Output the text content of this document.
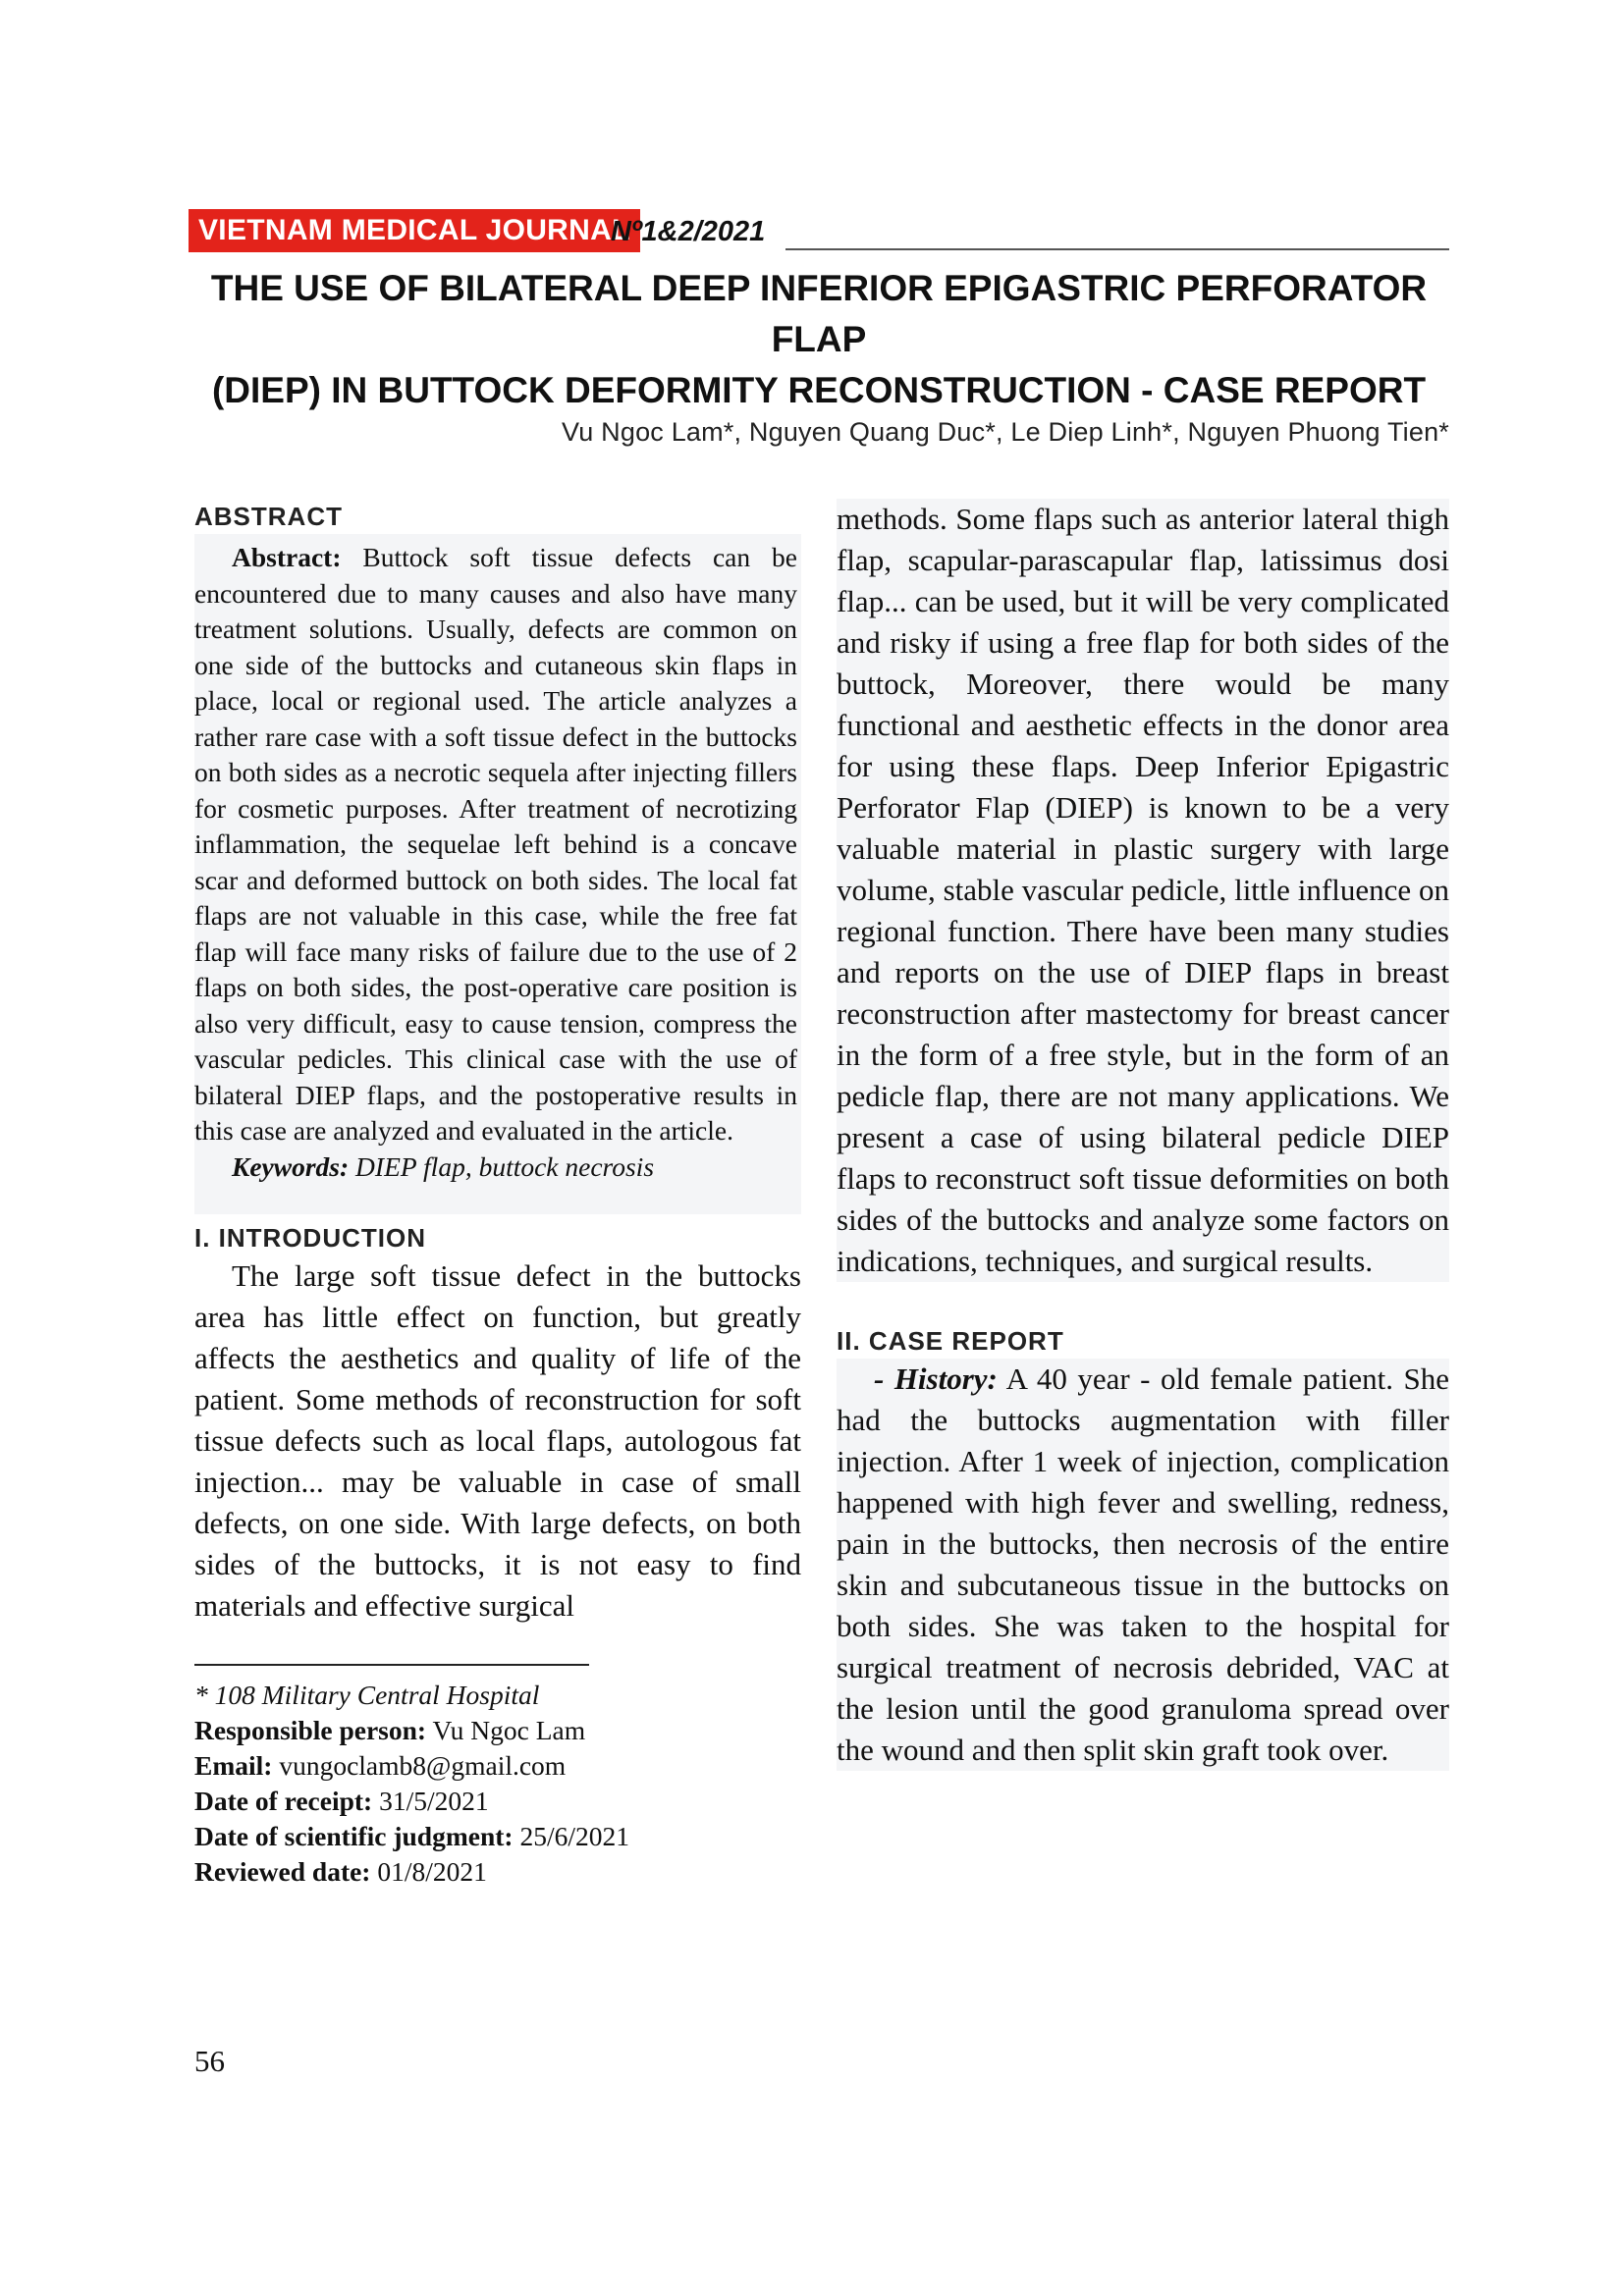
VIETNAM MEDICAL JOURNAL
Nº1&2/2021
THE USE OF BILATERAL DEEP INFERIOR EPIGASTRIC PERFORATOR FLAP
(DIEP) IN BUTTOCK DEFORMITY RECONSTRUCTION - CASE REPORT
Vu Ngoc Lam*, Nguyen Quang Duc*, Le Diep Linh*, Nguyen Phuong Tien*
ABSTRACT

Abstract: Buttock soft tissue defects can be encountered due to many causes and also have many treatment solutions. Usually, defects are common on one side of the buttocks and cutaneous skin flaps in place, local or regional used. The article analyzes a rather rare case with a soft tissue defect in the buttocks on both sides as a necrotic sequela after injecting fillers for cosmetic purposes. After treatment of necrotizing inflammation, the sequelae left behind is a concave scar and deformed buttock on both sides. The local fat flaps are not valuable in this case, while the free fat flap will face many risks of failure due to the use of 2 flaps on both sides, the post-operative care position is also very difficult, easy to cause tension, compress the vascular pedicles. This clinical case with the use of bilateral DIEP flaps, and the postoperative results in this case are analyzed and evaluated in the article.

Keywords: DIEP flap, buttock necrosis

I. INTRODUCTION

The large soft tissue defect in the buttocks area has little effect on function, but greatly affects the aesthetics and quality of life of the patient. Some methods of reconstruction for soft tissue defects such as local flaps, autologous fat injection... may be valuable in case of small defects, on one side. With large defects, on both sides of the buttocks, it is not easy to find materials and effective surgical

* 108 Military Central Hospital
Responsible person: Vu Ngoc Lam
Email: vungoclamb8@gmail.com
Date of receipt: 31/5/2021
Date of scientific judgment: 25/6/2021
Reviewed date: 01/8/2021

methods. Some flaps such as anterior lateral thigh flap, scapular-parascapular flap, latissimus dosi flap... can be used, but it will be very complicated and risky if using a free flap for both sides of the buttock, Moreover, there would be many functional and aesthetic effects in the donor area for using these flaps. Deep Inferior Epigastric Perforator Flap (DIEP) is known to be a very valuable material in plastic surgery with large volume, stable vascular pedicle, little influence on regional function. There have been many studies and reports on the use of DIEP flaps in breast reconstruction after mastectomy for breast cancer in the form of a free style, but in the form of an pedicle flap, there are not many applications. We present a case of using bilateral pedicle DIEP flaps to reconstruct soft tissue deformities on both sides of the buttocks and analyze some factors on indications, techniques, and surgical results.

II. CASE REPORT

- History: A 40 year - old female patient. She had the buttocks augmentation with filler injection. After 1 week of injection, complication happened with high fever and swelling, redness, pain in the buttocks, then necrosis of the entire skin and subcutaneous tissue in the buttocks on both sides. She was taken to the hospital for surgical treatment of necrosis debrided, VAC at the lesion until the good granuloma spread over the wound and then split skin graft took over.

56
